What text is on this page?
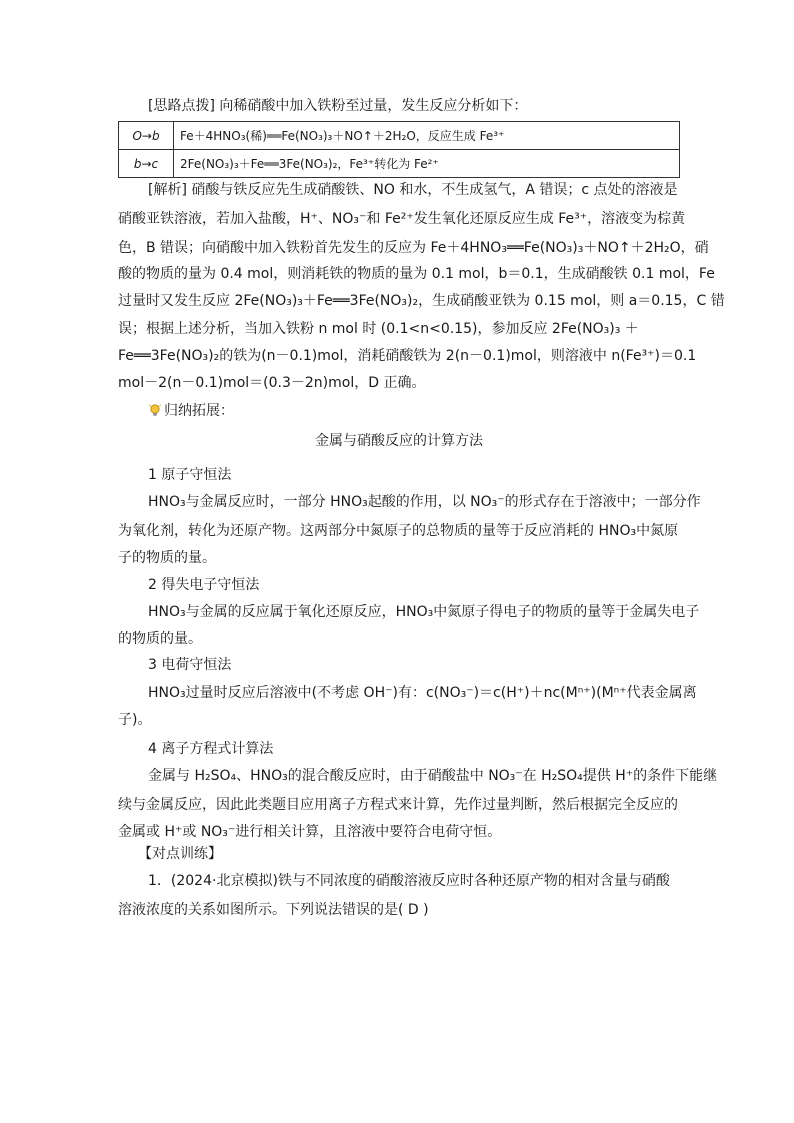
[思路点拨] 向稀硝酸中加入铁粉至过量，发生反应分析如下：
O→b	Fe＋4HNO₃(稀)══Fe(NO₃)₃＋NO↑＋2H₂O，反应生成 Fe³⁺
b→c	2Fe(NO₃)₃＋Fe══3Fe(NO₃)₂，Fe³⁺转化为 Fe²⁺
[解析] 硝酸与铁反应先生成硝酸铁、NO 和水，不生成氢气，A 错误；c 点处的溶液是
硝酸亚铁溶液，若加入盐酸，H⁺、NO₃⁻和 Fe²⁺发生氧化还原反应生成 Fe³⁺，溶液变为棕黄
色，B 错误；向硝酸中加入铁粉首先发生的反应为 Fe＋4HNO₃══Fe(NO₃)₃＋NO↑＋2H₂O，硝
酸的物质的量为 0.4 mol，则消耗铁的物质的量为 0.1 mol，b＝0.1，生成硝酸铁 0.1 mol，Fe
过量时又发生反应 2Fe(NO₃)₃＋Fe══3Fe(NO₃)₂，生成硝酸亚铁为 0.15 mol，则 a＝0.15，C 错
误；根据上述分析，当加入铁粉 n mol 时 (0.1<n<0.15)，参加反应 2Fe(NO₃)₃ ＋
Fe══3Fe(NO₃)₂的铁为(n－0.1)mol，消耗硝酸铁为 2(n－0.1)mol，则溶液中 n(Fe³⁺)＝0.1
mol－2(n－0.1)mol＝(0.3－2n)mol，D 正确。
归纳拓展：
金属与硝酸反应的计算方法
1 原子守恒法
HNO₃与金属反应时，一部分 HNO₃起酸的作用，以 NO₃⁻的形式存在于溶液中；一部分作
为氧化剂，转化为还原产物。这两部分中氮原子的总物质的量等于反应消耗的 HNO₃中氮原
子的物质的量。
2 得失电子守恒法
HNO₃与金属的反应属于氧化还原反应，HNO₃中氮原子得电子的物质的量等于金属失电子
的物质的量。
3 电荷守恒法
HNO₃过量时反应后溶液中(不考虑 OH⁻)有：c(NO₃⁻)＝c(H⁺)＋nc(Mⁿ⁺)(Mⁿ⁺代表金属离
子)。
4 离子方程式计算法
金属与 H₂SO₄、HNO₃的混合酸反应时，由于硝酸盐中 NO₃⁻在 H₂SO₄提供 H⁺的条件下能继
续与金属反应，因此此类题目应用离子方程式来计算，先作过量判断，然后根据完全反应的
金属或 H⁺或 NO₃⁻进行相关计算，且溶液中要符合电荷守恒。
【对点训练】
1．(2024·北京模拟)铁与不同浓度的硝酸溶液反应时各种还原产物的相对含量与硝酸
溶液浓度的关系如图所示。下列说法错误的是( D )
